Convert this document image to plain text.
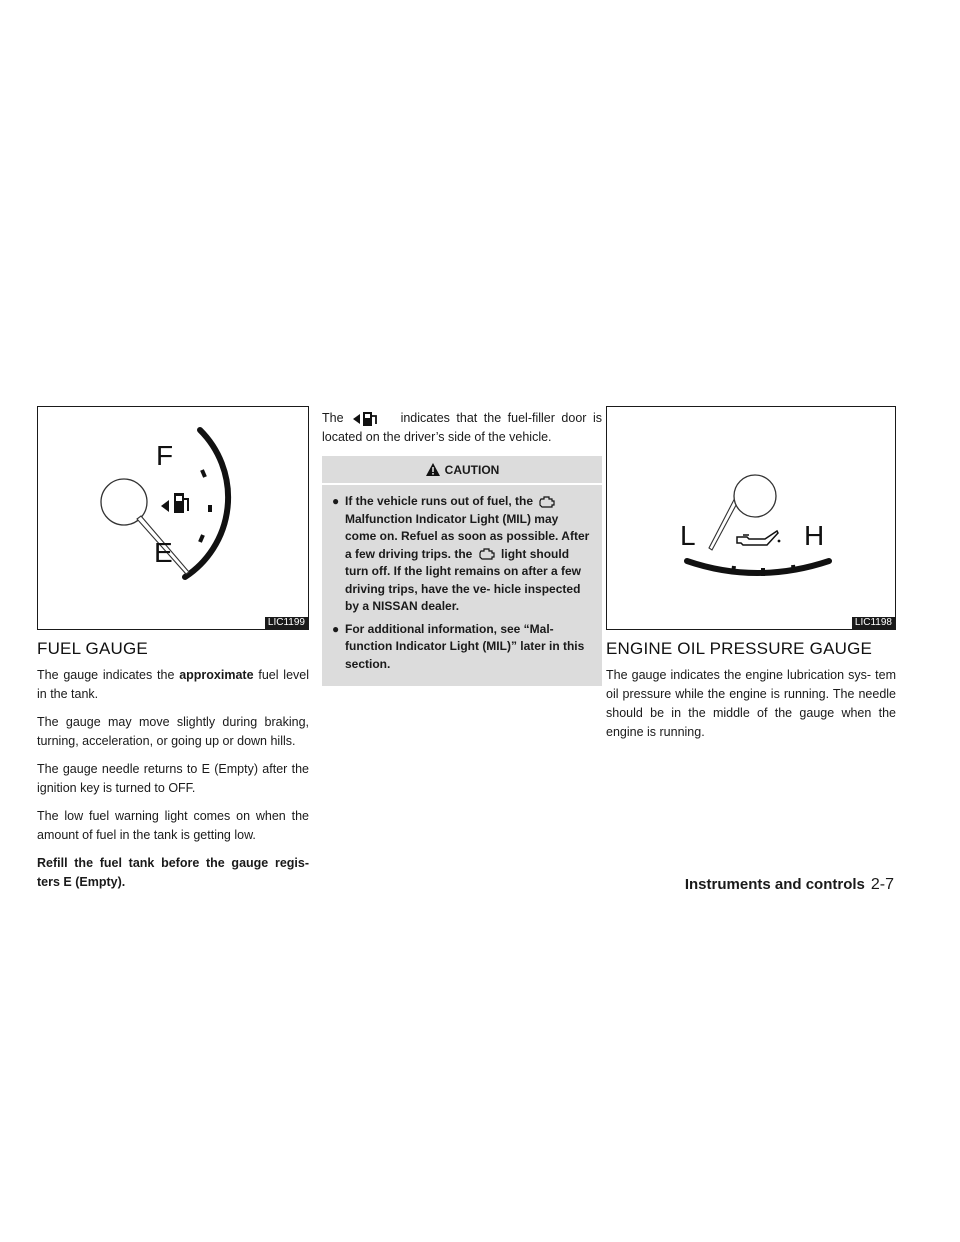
F
E
LIC1199
FUEL GAUGE

The gauge indicates the approximate fuel level in the tank.

The gauge may move slightly during braking, turning, acceleration, or going up or down hills.

The gauge needle returns to E (Empty) after the ignition key is turned to OFF.

The low fuel warning light comes on when the amount of fuel in the tank is getting low.

Refill the fuel tank before the gauge regis- ters E (Empty).

The	indicates that the fuel-filler door is located on the driver’s side of the vehicle.

CAUTION
● If the vehicle runs out of fuel, the  Malfunction Indicator Light (MIL) may come on. Refuel as soon as possible. After a few driving trips. the light should turn off. If the light remains on after a few driving trips, have the ve- hicle inspected by a NISSAN dealer.
● For additional information, see “Mal- function Indicator Light (MIL)” later in this section.
L	H
LIC1198
ENGINE OIL PRESSURE GAUGE

The gauge indicates the engine lubrication sys- tem oil pressure while the engine is running. The needle should be in the middle of the gauge when the engine is running.

Instruments and controls 2-7
